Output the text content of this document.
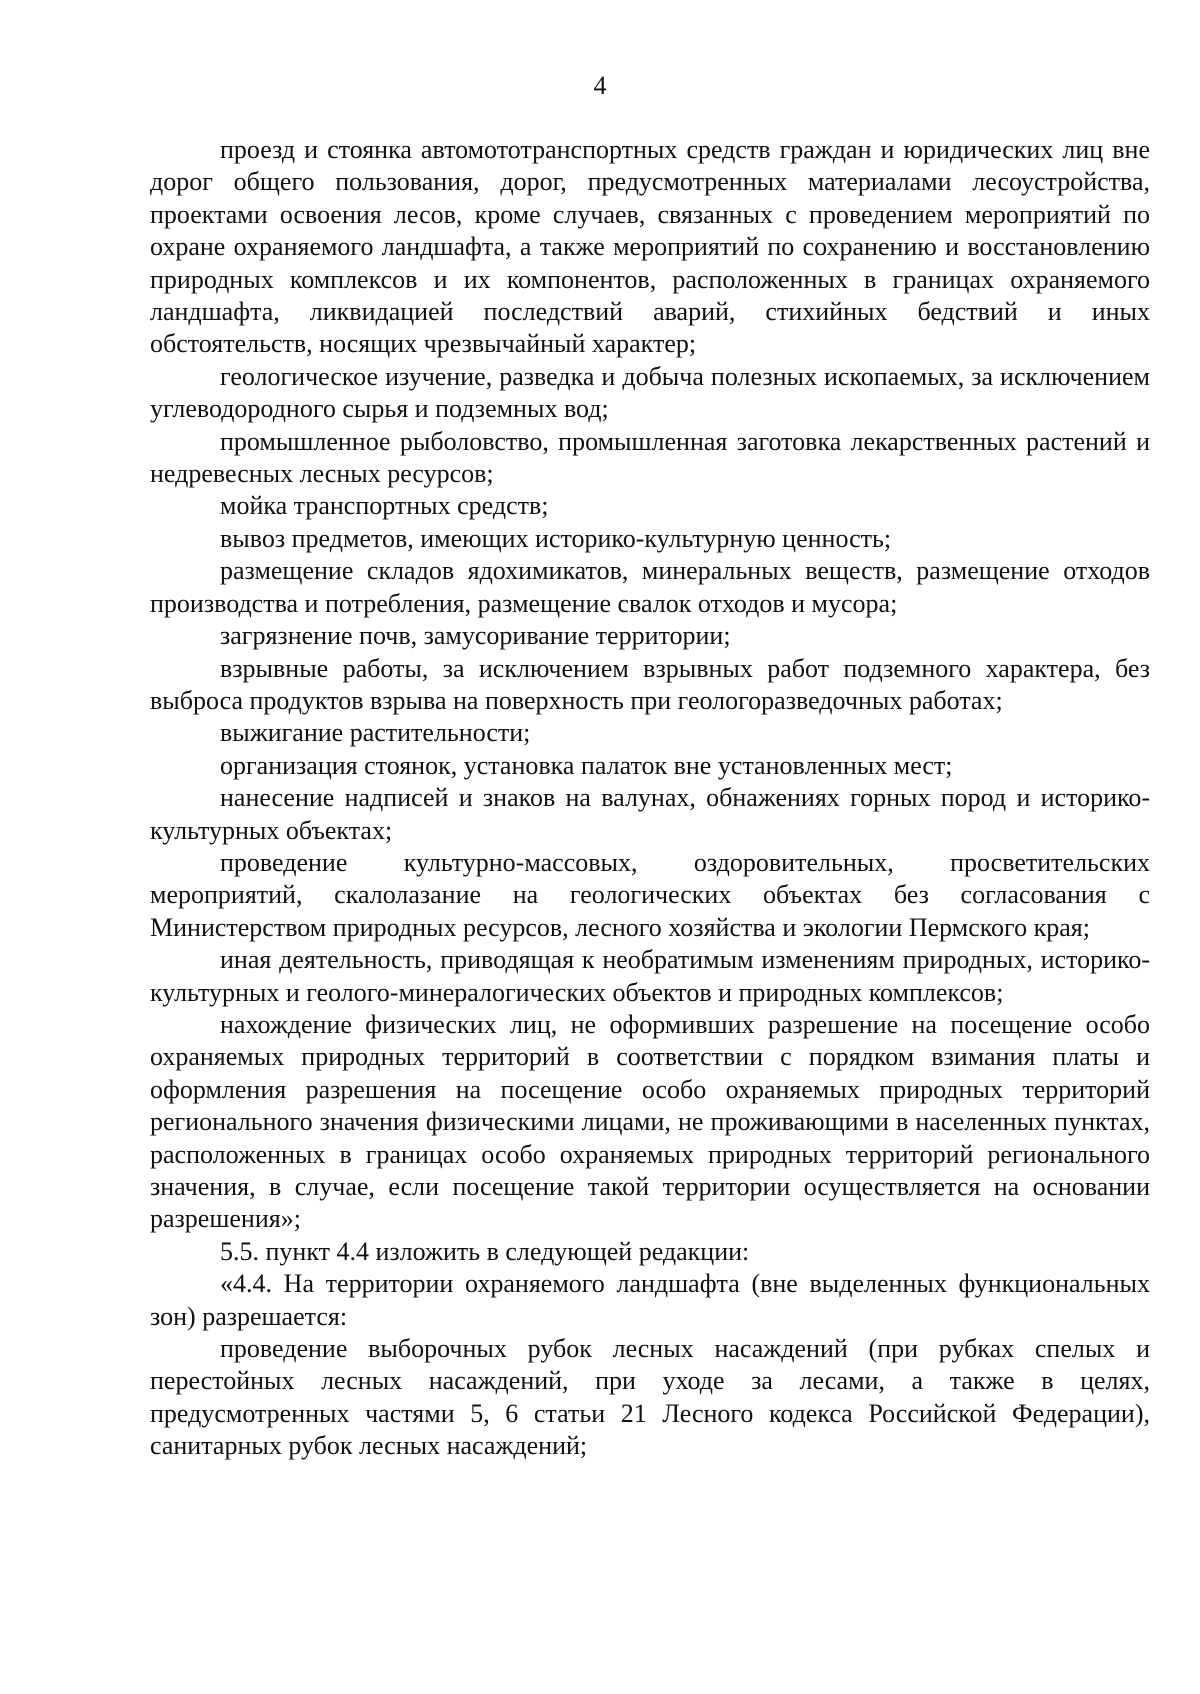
4

проезд и стоянка автомототранспортных средств граждан и юридических лиц вне дорог общего пользования, дорог, предусмотренных материалами лесоустройства, проектами освоения лесов, кроме случаев, связанных с проведением мероприятий по охране охраняемого ландшафта, а также мероприятий по сохранению и восстановлению природных комплексов и их компонентов, расположенных в границах охраняемого ландшафта, ликвидацией последствий аварий, стихийных бедствий и иных обстоятельств, носящих чрезвычайный характер;

геологическое изучение, разведка и добыча полезных ископаемых, за исключением углеводородного сырья и подземных вод;

промышленное рыболовство, промышленная заготовка лекарственных растений и недревесных лесных ресурсов;

мойка транспортных средств;

вывоз предметов, имеющих историко-культурную ценность;

размещение складов ядохимикатов, минеральных веществ, размещение отходов производства и потребления, размещение свалок отходов и мусора;

загрязнение почв, замусоривание территории;

взрывные работы, за исключением взрывных работ подземного характера, без выброса продуктов взрыва на поверхность при геологоразведочных работах;

выжигание растительности;

организация стоянок, установка палаток вне установленных мест;

нанесение надписей и знаков на валунах, обнажениях горных пород и историко-культурных объектах;

проведение культурно-массовых, оздоровительных, просветительских мероприятий, скалолазание на геологических объектах без согласования с Министерством природных ресурсов, лесного хозяйства и экологии Пермского края;

иная деятельность, приводящая к необратимым изменениям природных, историко-культурных и геолого-минералогических объектов и природных комплексов;

нахождение физических лиц, не оформивших разрешение на посещение особо охраняемых природных территорий в соответствии с порядком взимания платы и оформления разрешения на посещение особо охраняемых природных территорий регионального значения физическими лицами, не проживающими в населенных пунктах, расположенных в границах особо охраняемых природных территорий регионального значения, в случае, если посещение такой территории осуществляется на основании разрешения»;

5.5. пункт 4.4 изложить в следующей редакции:

«4.4. На территории охраняемого ландшафта (вне выделенных функциональных зон) разрешается:

проведение выборочных рубок лесных насаждений (при рубках спелых и перестойных лесных насаждений, при уходе за лесами, а также в целях, предусмотренных частями 5, 6 статьи 21 Лесного кодекса Российской Федерации), санитарных рубок лесных насаждений;
